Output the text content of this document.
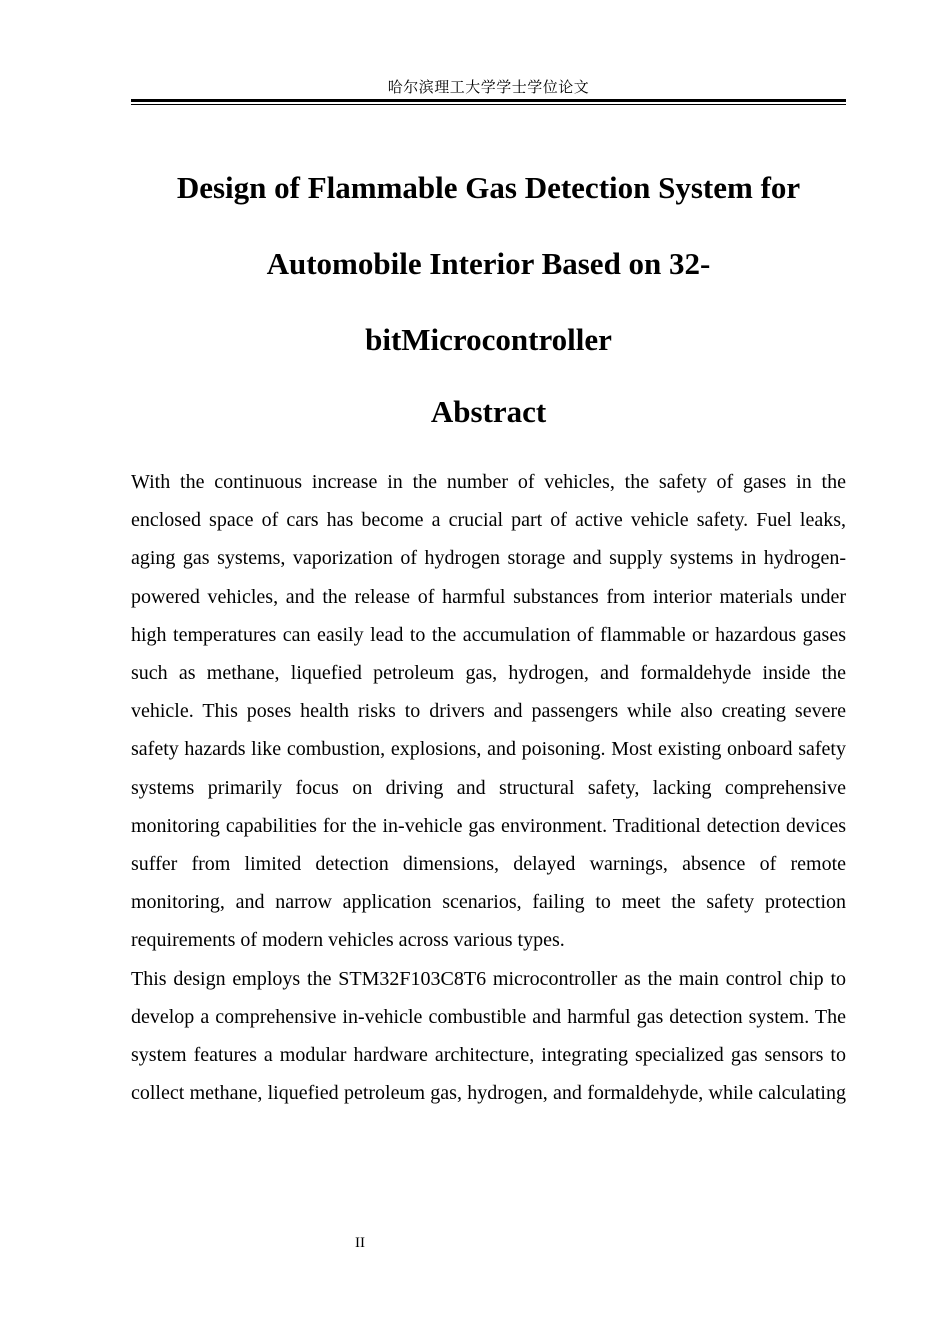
哈尔滨理工大学学士学位论文
Design of Flammable Gas Detection System for
Automobile Interior Based on 32-
bitMicrocontroller
Abstract

With the continuous increase in the number of vehicles, the safety of gases in the enclosed space of cars has become a crucial part of active vehicle safety. Fuel leaks, aging gas systems, vaporization of hydrogen storage and supply systems in hydrogen-powered vehicles, and the release of harmful substances from interior materials under high temperatures can easily lead to the accumulation of flammable or hazardous gases such as methane, liquefied petroleum gas, hydrogen, and formaldehyde inside the vehicle. This poses health risks to drivers and passengers while also creating severe safety hazards like combustion, explosions, and poisoning. Most existing onboard safety systems primarily focus on driving and structural safety, lacking comprehensive monitoring capabilities for the in-vehicle gas environment. Traditional detection devices suffer from limited detection dimensions, delayed warnings, absence of remote monitoring, and narrow application scenarios, failing to meet the safety protection requirements of modern vehicles across various types.

This design employs the STM32F103C8T6 microcontroller as the main control chip to develop a comprehensive in-vehicle combustible and harmful gas detection system. The system features a modular hardware architecture, integrating specialized gas sensors to collect methane, liquefied petroleum gas, hydrogen, and formaldehyde, while calculating

II
